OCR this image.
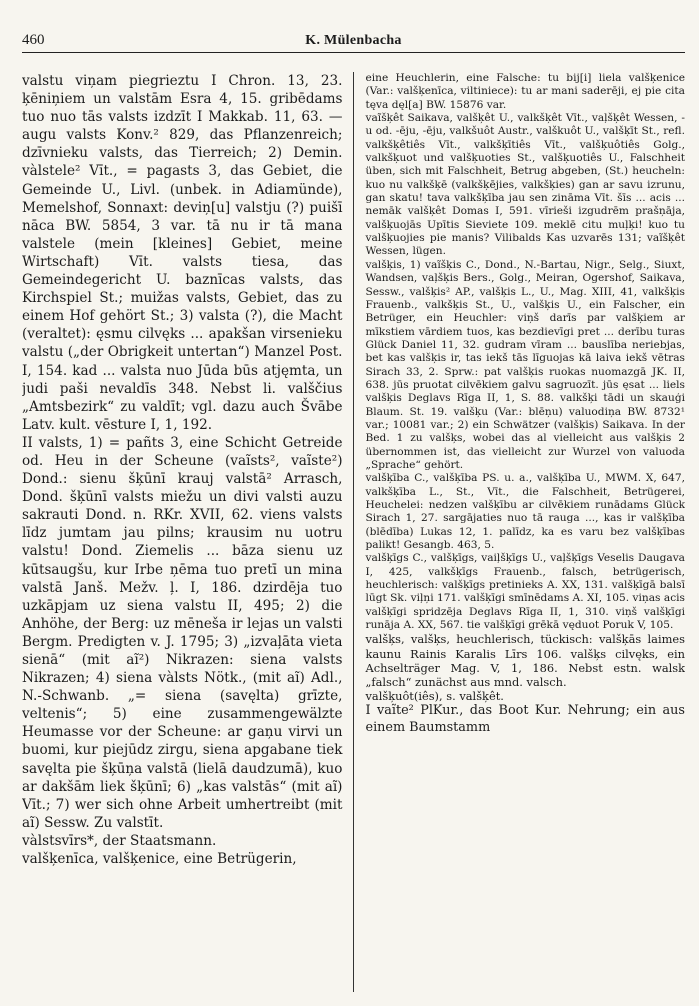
460	K. Mülenbacha

valstu viņam piegrieztu I Chron. 13, 23. ķēniņiem un valstām Esra 4, 15. gribēdams tuo nuo tās valsts izdzīt I Makkab. 11, 63. — augu valsts Konv.² 829, das Pflanzenreich; dzīvnieku valsts, das Tierreich; 2) Demin. vàlstele² Vīt., = pagasts 3, das Gebiet, die Gemeinde U., Livl. (unbek. in Adiamünde), Memelshof, Sonnaxt: deviņ[u] valstju (?) puišī nāca BW. 5854, 3 var. tā nu ir tā mana valstele (mein [kleines] Gebiet, meine Wirtschaft) Vīt. valsts tiesa, das Gemeindegericht U. baznīcas valsts, das Kirchspiel St.; muižas valsts, Gebiet, das zu einem Hof gehört St.; 3) valsta (?), die Macht (veraltet): ęsmu cilvęks ... apakšan virsenieku valstu („der Obrigkeit untertan“) Manzel Post. I, 154. kad ... valsta nuo Jūda būs atjęmta, un judi paši nevaldīs 348. Nebst li. valščius „Amtsbezirk“ zu valdīt; vgl. dazu auch Švābe Latv. kult. vēsture I, 1, 192.

II valsts, 1) = pañts 3, eine Schicht Getreide od. Heu in der Scheune (vaĩsts², vaĩste²) Dond.: sienu šķūnī krauj valstā² Arrasch, Dond. šķūnī valsts miežu un divi valsti auzu sakrauti Dond. n. RKr. XVII, 62. viens valsts līdz jumtam jau pilns; krausim nu uotru valstu! Dond. Ziemelis ... bāza sienu uz kūtsaugšu, kur Irbe ņēma tuo pretī un mina valstā Janš. Mežv. ļ. I, 186. dzirdēja tuo uzkāpjam uz siena valstu II, 495; 2) die Anhöhe, der Berg: uz mēneša ir lejas un valsti Bergm. Predigten v. J. 1795; 3) „izvaļāta vieta sienā“ (mit aĩ²) Nikrazen: siena valsts Nikrazen; 4) siena vàlsts Nötk., (mit aĩ) Adl., N.-Schwanb. „= siena (savęlta) grīzte, veltenis“; 5) eine zusammengewälzte Heumasse vor der Scheune: ar gaņu virvi un buomi, kur piejūdz zirgu, siena apgabane tiek savęlta pie šķūņa valstā (lielā daudzumā), kuo ar dakšām liek šķūnī; 6) „kas valstās“ (mit aĩ) Vīt.; 7) wer sich ohne Arbeit umhertreibt (mit aĩ) Sessw. Zu valstīt.

vàlstsvīrs*, der Staatsmann.

valšķenīca, valšķenice, eine Betrügerin,

eine Heuchlerin, eine Falsche: tu bij[i] liela valšķenice (Var.: valšķenīca, viltiniece): tu ar mani saderēji, ej pie cita tęva dęl[a] BW. 15876 var.

vaĩšķêt Saikava, valšķêt U., valkšķêt Vīt., vaļšķêt Wessen, -u od. -ēju, -ēju, valkšuôt Austr., valškuôt U., valšķīt St., refl. valkšķêtiês Vīt., valkšķītiês Vīt., valšķuôtiês Golg., valkšķuot und valšķuoties St., valšķuotiês U., Falschheit üben, sich mit Falschheit, Betrug abgeben, (St.) heucheln: kuo nu valkšķē (valkšķējies, valkšķies) gan ar savu izrunu, gan skatu! tava valkšķība jau sen zināma Vīt. šīs ... acis ... nemāk valšķêt Domas I, 591. vīrieši izgudrēm prašņāja, valšķuojās Upītis Sieviete 109. meklē citu muļķi! kuo tu valšķuojies pie manis? Vilibalds Kas uzvarēs 131; vaĩšķêt Wessen, lügen.

valšķis, 1) vaĩšķis C., Dond., N.-Bartau, Nigr., Selg., Siuxt, Wandsen, vaļšķis Bers., Golg., Meiran, Ogershof, Saikava, Sessw., valšķis² AP., valšķis L., U., Mag. XIII, 41, valkšķis Frauenb., valkšķis St., U., valšķis U., ein Falscher, ein Betrüger, ein Heuchler: viņš darīs par valšķiem ar mīkstiem vārdiem tuos, kas bezdievīgi pret ... derību turas Glück Daniel 11, 32. gudram vīram ... bauslība neriebjas, bet kas valšķis ir, tas iekš tās līguojas kā laiva iekš vētras Sirach 33, 2. Sprw.: pat valšķis ruokas nuomazgā JK. II, 638. jūs pruotat cilvēkiem galvu sagruozīt. jūs ęsat ... liels valšķis Deglavs Rīga II, 1, S. 88. valkšķi tādi un skauģi Blaum. St. 19. valšķu (Var.: blēņu) valuodiņa BW. 8732¹ var.; 10081 var.; 2) ein Schwätzer (valšķis) Saikava. In der Bed. 1 zu valšķs, wobei das al vielleicht aus valšķis 2 übernommen ist, das vielleicht zur Wurzel von valuoda „Sprache“ gehört.

valšķība C., valšķība PS. u. a., valšķība U., MWM. X, 647, valkšķība L., St., Vīt., die Falschheit, Betrügerei, Heuchelei: nedzen valšķību ar cilvēkiem runādams Glück Sirach 1, 27. sargājaties nuo tā rauga ..., kas ir valšķība (blēdība) Lukas 12, 1. palīdz, ka es varu bez valšķības palikt! Gesangb. 463, 5.

valšķīgs C., valšķīgs, vaiļšķīgs U., vaļšķīgs Veselis Daugava I, 425, valkšķīgs Frauenb., falsch, betrügerisch, heuchlerisch: valšķīgs pretinieks A. XX, 131. valšķīgā balsī lūgt Sk. viļņi 171. valšķīgi smīnēdams A. XI, 105. viņas acis valšķīgi spridzēja Deglavs Rīga II, 1, 310. viņš valšķīgi runāja A. XX, 567. tie valšķīgi grēkā vęduot Poruk V, 105.

valšķs, valšķs, heuchlerisch, tückisch: valšķās laimes kaunu Rainis Karalis Līrs 106. valšķs cilvęks, ein Achselträger Mag. V, 1, 186. Nebst estn. walsk „falsch“ zunächst aus mnd. valsch.

valšķuôt(iês), s. valšķêt.

I vaĩte² PlKur., das Boot Kur. Nehrung; ein aus einem Baumstamm
